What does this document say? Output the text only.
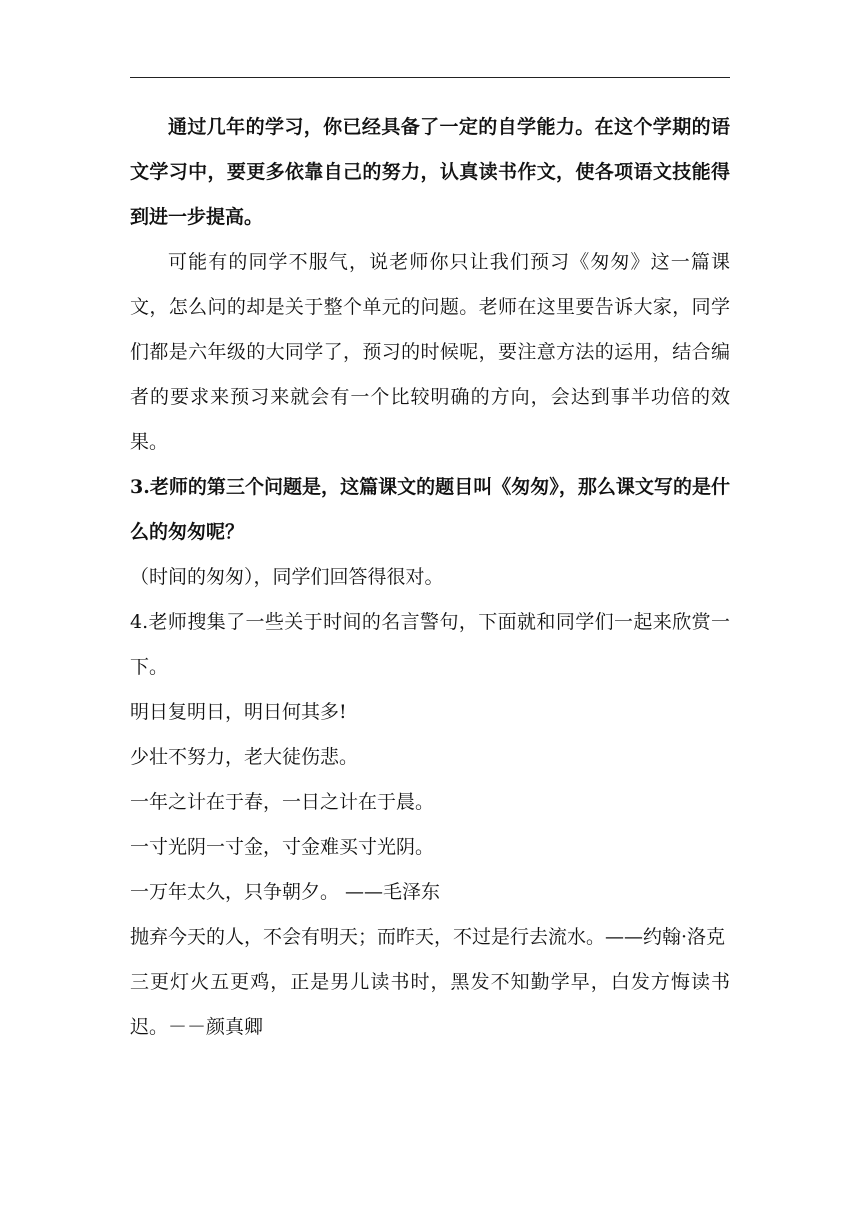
通过几年的学习，你已经具备了一定的自学能力。在这个学期的语文学习中，要更多依靠自己的努力，认真读书作文，使各项语文技能得到进一步提高。

可能有的同学不服气，说老师你只让我们预习《匆匆》这一篇课文，怎么问的却是关于整个单元的问题。老师在这里要告诉大家，同学们都是六年级的大同学了，预习的时候呢，要注意方法的运用，结合编者的要求来预习来就会有一个比较明确的方向，会达到事半功倍的效果。

3.老师的第三个问题是，这篇课文的题目叫《匆匆》，那么课文写的是什么的匆匆呢？

（时间的匆匆），同学们回答得很对。

4.老师搜集了一些关于时间的名言警句，下面就和同学们一起来欣赏一下。

明日复明日，明日何其多!

少壮不努力，老大徒伤悲。

一年之计在于春，一日之计在于晨。

一寸光阴一寸金，寸金难买寸光阴。

一万年太久，只争朝夕。 ——毛泽东

抛弃今天的人，不会有明天；而昨天，不过是行去流水。——约翰·洛克

三更灯火五更鸡，正是男儿读书时，黑发不知勤学早，白发方悔读书迟。－－颜真卿
